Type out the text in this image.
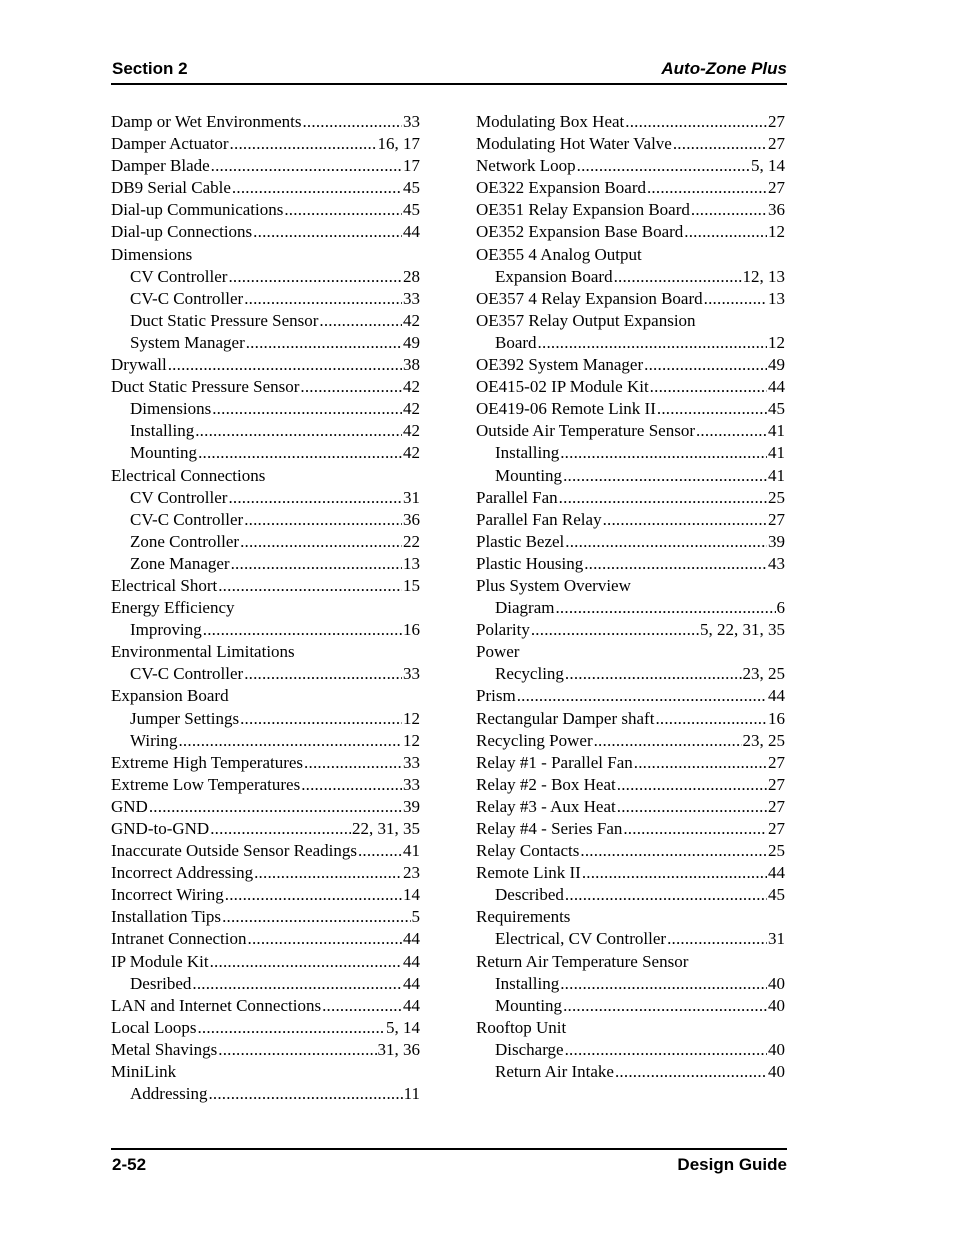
Section 2	Auto-Zone Plus
Damp or Wet Environments .....	33
Damper Actuator .....	16, 17
Damper Blade .....	17
DB9 Serial Cable .....	45
Dial-up Communications .....	45
Dial-up Connections .....	44
Dimensions
CV Controller .....	28
CV-C Controller .....	33
Duct Static Pressure Sensor .....	42
System Manager .....	49
Drywall .....	38
Duct Static Pressure Sensor .....	42
Dimensions .....	42
Installing .....	42
Mounting .....	42
Electrical Connections
CV Controller .....	31
CV-C Controller .....	36
Zone Controller .....	22
Zone Manager .....	13
Electrical Short .....	15
Energy Efficiency
Improving .....	16
Environmental Limitations
CV-C Controller .....	33
Expansion Board
Jumper Settings .....	12
Wiring .....	12
Extreme High Temperatures .....	33
Extreme Low Temperatures .....	33
GND .....	39
GND-to-GND .....	22, 31, 35
Inaccurate Outside Sensor Readings .....	41
Incorrect Addressing .....	23
Incorrect Wiring .....	14
Installation Tips .....	5
Intranet Connection .....	44
IP Module Kit .....	44
Desribed .....	44
LAN and Internet Connections .....	44
Local Loops .....	5, 14
Metal Shavings .....	31, 36
MiniLink
Addressing .....	11
Modulating Box Heat .....	27
Modulating Hot Water Valve .....	27
Network Loop .....	5, 14
OE322 Expansion Board .....	27
OE351 Relay Expansion Board .....	36
OE352 Expansion Base Board .....	12
OE355 4 Analog Output
Expansion Board .....	12, 13
OE357 4 Relay Expansion Board .....	13
OE357 Relay Output Expansion
Board .....	12
OE392 System Manager .....	49
OE415-02 IP Module Kit .....	44
OE419-06 Remote Link II .....	45
Outside Air Temperature Sensor .....	41
Installing .....	41
Mounting .....	41
Parallel Fan .....	25
Parallel Fan Relay .....	27
Plastic Bezel .....	39
Plastic Housing .....	43
Plus System Overview
Diagram .....	6
Polarity .....	5, 22, 31, 35
Power
Recycling .....	23, 25
Prism .....	44
Rectangular Damper shaft .....	16
Recycling Power .....	23, 25
Relay #1 - Parallel Fan .....	27
Relay #2 - Box Heat .....	27
Relay #3 - Aux Heat .....	27
Relay #4 - Series Fan .....	27
Relay Contacts .....	25
Remote Link II .....	44
Described .....	45
Requirements
Electrical, CV Controller .....	31
Return Air Temperature Sensor
Installing .....	40
Mounting .....	40
Rooftop Unit
Discharge .....	40
Return Air Intake .....	40
2-52	Design Guide
